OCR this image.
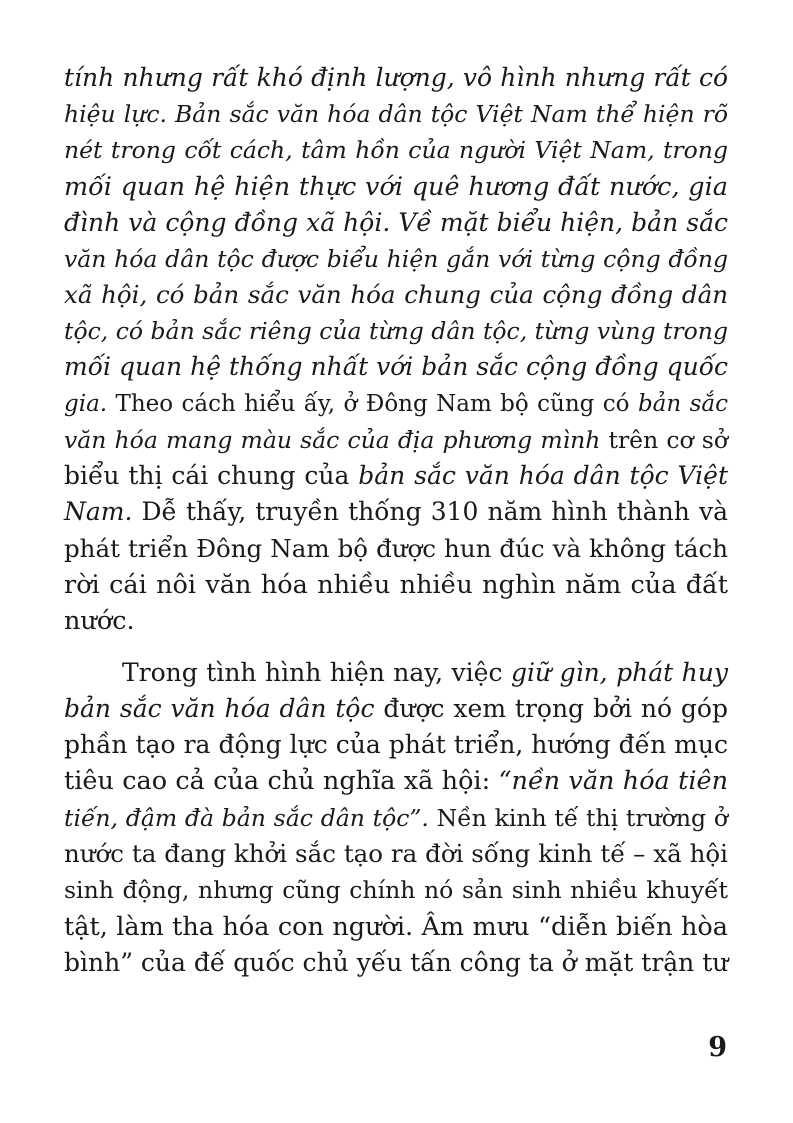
tính nhưng rất khó định lượng, vô hình nhưng rất có
hiệu lực. Bản sắc văn hóa dân tộc Việt Nam thể hiện rõ
nét trong cốt cách, tâm hồn của người Việt Nam, trong
mối quan hệ hiện thực với quê hương đất nước, gia
đình và cộng đồng xã hội. Về mặt biểu hiện, bản sắc
văn hóa dân tộc được biểu hiện gắn với từng cộng đồng
xã hội, có bản sắc văn hóa chung của cộng đồng dân
tộc, có bản sắc riêng của từng dân tộc, từng vùng trong
mối quan hệ thống nhất với bản sắc cộng đồng quốc
gia. Theo cách hiểu ấy, ở Đông Nam bộ cũng có bản sắc
văn hóa mang màu sắc của địa phương mình trên cơ sở
biểu thị cái chung của bản sắc văn hóa dân tộc Việt
Nam. Dễ thấy, truyền thống 310 năm hình thành và
phát triển Đông Nam bộ được hun đúc và không tách
rời cái nôi văn hóa nhiều nhiều nghìn năm của đất
nước.
Trong tình hình hiện nay, việc giữ gìn, phát huy
bản sắc văn hóa dân tộc được xem trọng bởi nó góp
phần tạo ra động lực của phát triển, hướng đến mục
tiêu cao cả của chủ nghĩa xã hội: “nền văn hóa tiên
tiến, đậm đà bản sắc dân tộc”. Nền kinh tế thị trường ở
nước ta đang khởi sắc tạo ra đời sống kinh tế – xã hội
sinh động, nhưng cũng chính nó sản sinh nhiều khuyết
tật, làm tha hóa con người. Âm mưu “diễn biến hòa
bình” của đế quốc chủ yếu tấn công ta ở mặt trận tư
9
